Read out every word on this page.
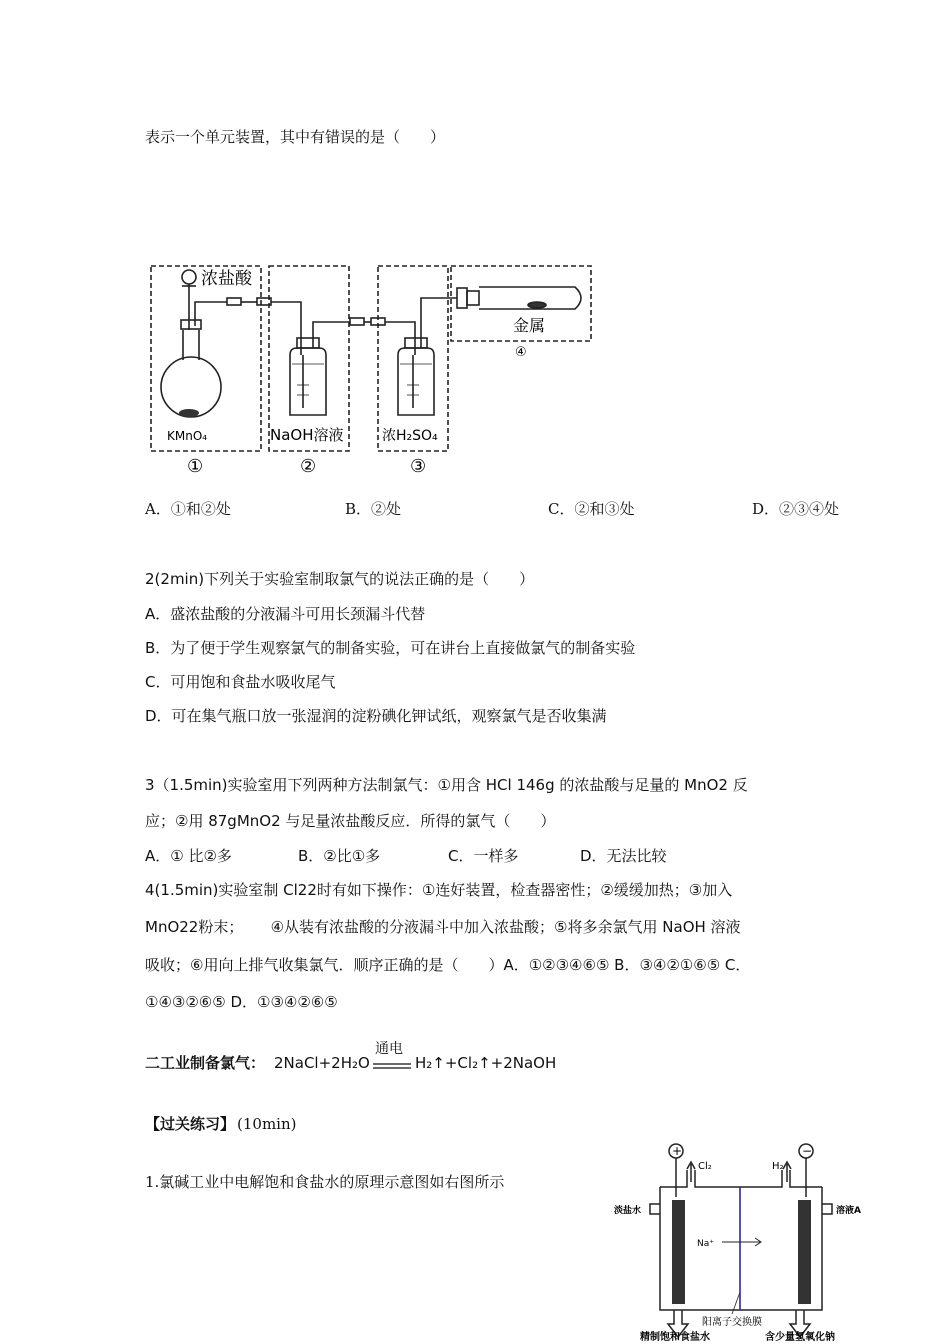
表示一个单元装置，其中有错误的是（　　）
浓盐酸
KMnO₄	NaOH溶液	浓H₂SO₄
金属
④
①	②	③
A．①和②处	B．②处	C．②和③处	D．②③④处
2(2min)下列关于实验室制取氯气的说法正确的是（　　）
A．盛浓盐酸的分液漏斗可用长颈漏斗代替
B．为了便于学生观察氯气的制备实验，可在讲台上直接做氯气的制备实验
C．可用饱和食盐水吸收尾气
D．可在集气瓶口放一张湿润的淀粉碘化钾试纸，观察氯气是否收集满
3（1.5min)实验室用下列两种方法制氯气：①用含 HCl 146g 的浓盐酸与足量的 MnO2 反
应；②用 87gMnO2 与足量浓盐酸反应．所得的氯气（　　）
A．① 比②多	B．②比①多	C．一样多	D．无法比较
4(1.5min)实验室制 Cl22时有如下操作：①连好装置，检查器密性；②缓缓加热；③加入
MnO22粉末；　　 ④从装有浓盐酸的分液漏斗中加入浓盐酸；⑤将多余氯气用 NaOH 溶液
吸收；⑥用向上排气收集氯气．顺序正确的是（　　）A．①②③④⑥⑤ B．③④②①⑥⑤ C．
①④③②⑥⑤ D．①③④②⑥⑤
二工业制备氯气： 2NaCl+2H₂O
通电
H₂↑+Cl₂↑+2NaOH
【过关练习】 (10min)
1.氯碱工业中电解饱和食盐水的原理示意图如右图所示
+	−
Cl₂	H₂
淡盐水	溶液A
Na⁺
阳离子交换膜
精制饱和食盐水	含少量氢氧化钠
